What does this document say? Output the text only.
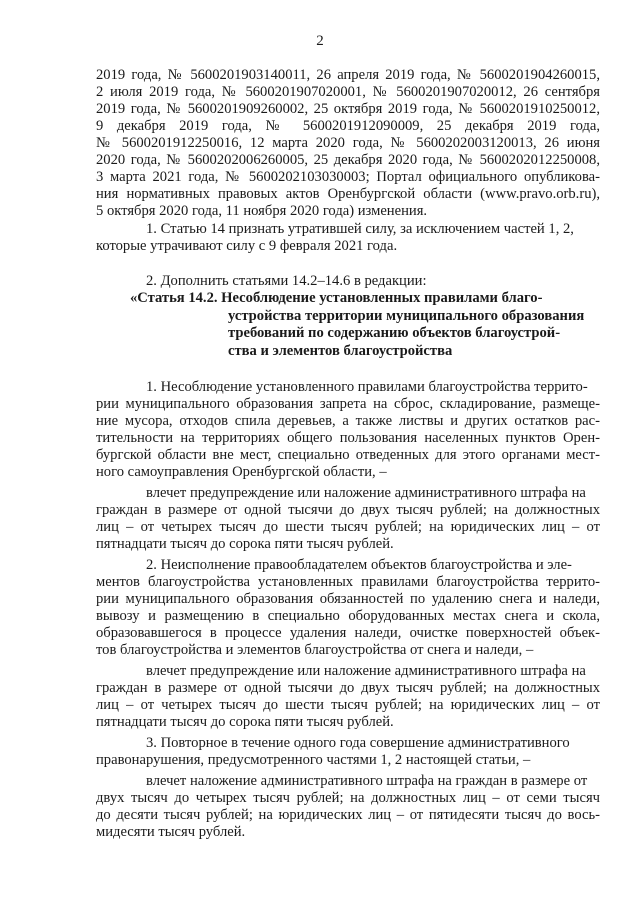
2
2019 года, № 5600201903140011, 26 апреля 2019 года, № 5600201904260015,
2 июля 2019 года, № 5600201907020001, № 5600201907020012, 26 сентября
2019 года, № 5600201909260002, 25 октября 2019 года, № 5600201910250012,
9 декабря 2019 года, № 5600201912090009, 25 декабря 2019 года,
№ 5600201912250016, 12 марта 2020 года, № 5600202003120013, 26 июня
2020 года, № 5600202006260005, 25 декабря 2020 года, № 5600202012250008,
3 марта 2021 года, № 5600202103030003; Портал официального опубликова-
ния нормативных правовых актов Оренбургской области (www.pravo.orb.ru),
5 октября 2020 года, 11 ноября 2020 года) изменения.
1. Статью 14 признать утратившей силу, за исключением частей 1, 2,
которые утрачивают силу с 9 февраля 2021 года.
2. Дополнить статьями 14.2–14.6 в редакции:
«Статья 14.2. Несоблюдение установленных правилами благо-
устройства территории муниципального образования
требований по содержанию объектов благоустрой-
ства и элементов благоустройства
1. Несоблюдение установленного правилами благоустройства террито-
рии муниципального образования запрета на сброс, складирование, размеще-
ние мусора, отходов спила деревьев, а также листвы и других остатков рас-
тительности на территориях общего пользования населенных пунктов Орен-
бургской области вне мест, специально отведенных для этого органами мест-
ного самоуправления Оренбургской области, –
влечет предупреждение или наложение административного штрафа на
граждан в размере от одной тысячи до двух тысяч рублей; на должностных
лиц – от четырех тысяч до шести тысяч рублей; на юридических лиц – от
пятнадцати тысяч до сорока пяти тысяч рублей.
2. Неисполнение правообладателем объектов благоустройства и эле-
ментов благоустройства установленных правилами благоустройства террито-
рии муниципального образования обязанностей по удалению снега и наледи,
вывозу и размещению в специально оборудованных местах снега и скола,
образовавшегося в процессе удаления наледи, очистке поверхностей объек-
тов благоустройства и элементов благоустройства от снега и наледи, –
влечет предупреждение или наложение административного штрафа на
граждан в размере от одной тысячи до двух тысяч рублей; на должностных
лиц – от четырех тысяч до шести тысяч рублей; на юридических лиц – от
пятнадцати тысяч до сорока пяти тысяч рублей.
3. Повторное в течение одного года совершение административного
правонарушения, предусмотренного частями 1, 2 настоящей статьи, –
влечет наложение административного штрафа на граждан в размере от
двух тысяч до четырех тысяч рублей; на должностных лиц – от семи тысяч
до десяти тысяч рублей; на юридических лиц – от пятидесяти тысяч до вось-
мидесяти тысяч рублей.
